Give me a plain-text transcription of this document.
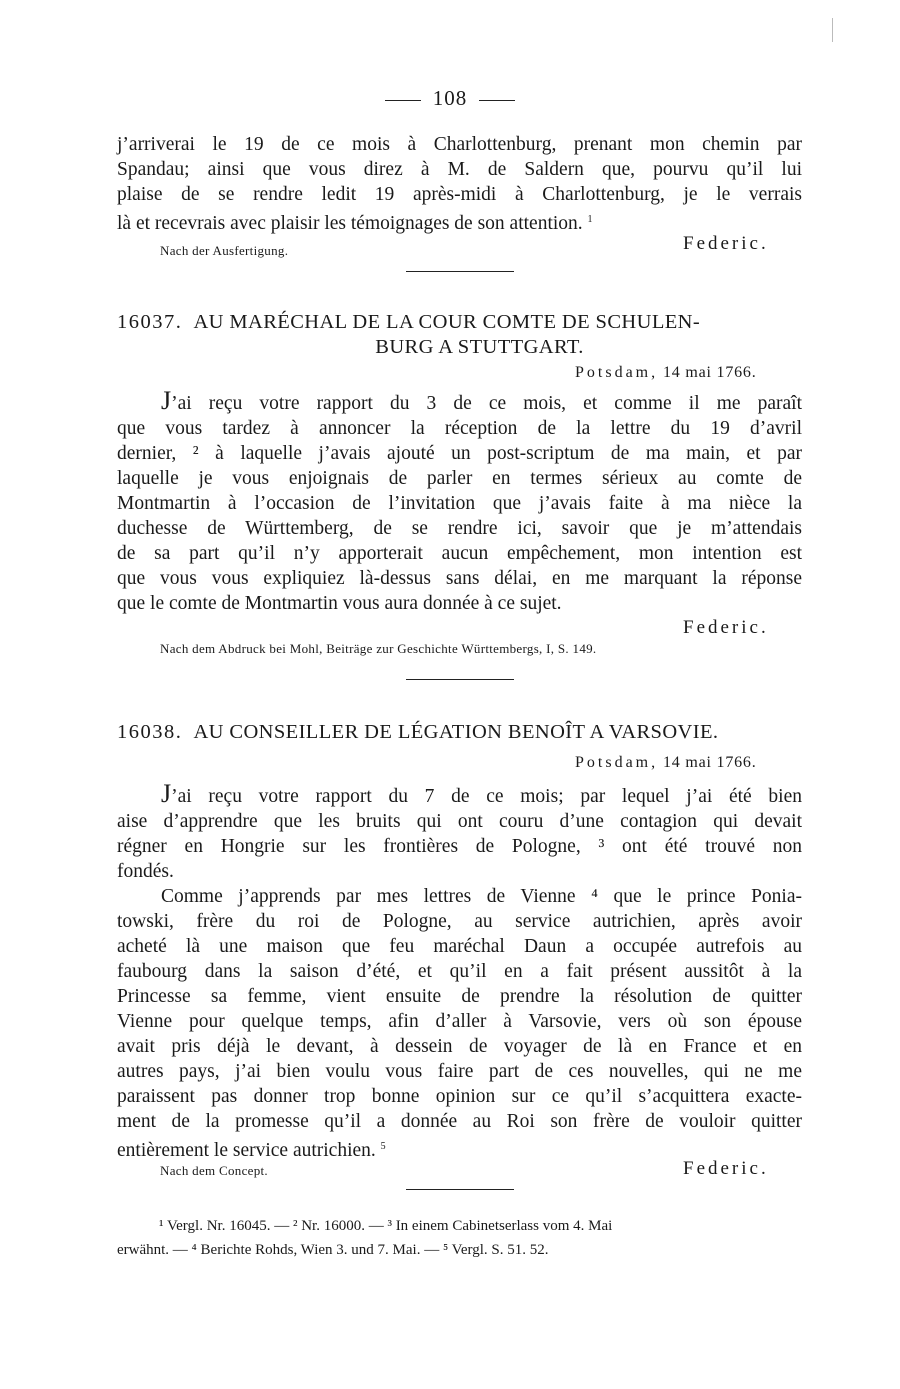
108

j’arriverai le 19 de ce mois à Charlottenburg, prenant mon chemin par
Spandau; ainsi que vous direz à M. de Saldern que, pourvu qu’il lui
plaise de se rendre ledit 19 après-midi à Charlottenburg, je le verrais
là et recevrais avec plaisir les témoignages de son attention. $^1$

Nach der Ausfertigung.	Federic.
16037. AU MARÉCHAL DE LA COUR COMTE DE SCHULEN-
BURG A STUTTGART.
Potsdam, 14 mai 1766.

J’ai reçu votre rapport du 3 de ce mois, et comme il me paraît
que vous tardez à annoncer la réception de la lettre du 19 d’avril
dernier, ² à laquelle j’avais ajouté un post-scriptum de ma main, et par
laquelle je vous enjoignais de parler en termes sérieux au comte de
Montmartin à l’occasion de l’invitation que j’avais faite à ma nièce la
duchesse de Württemberg, de se rendre ici, savoir que je m’attendais
de sa part qu’il n’y apporterait aucun empêchement, mon intention est
que vous vous expliquiez là-dessus sans délai, en me marquant la réponse
que le comte de Montmartin vous aura donnée à ce sujet.

Federic.
Nach dem Abdruck bei Mohl, Beiträge zur Geschichte Württembergs, I, S. 149.
16038. AU CONSEILLER DE LÉGATION BENOÎT A VARSOVIE.
Potsdam, 14 mai 1766.

J’ai reçu votre rapport du 7 de ce mois; par lequel j’ai été bien
aise d’apprendre que les bruits qui ont couru d’une contagion qui devait
régner en Hongrie sur les frontières de Pologne, ³ ont été trouvé non
fondés.
Comme j’apprends par mes lettres de Vienne ⁴ que le prince Ponia-
towski, frère du roi de Pologne, au service autrichien, après avoir
acheté là une maison que feu maréchal Daun a occupée autrefois au
faubourg dans la saison d’été, et qu’il en a fait présent aussitôt à la
Princesse sa femme, vient ensuite de prendre la résolution de quitter
Vienne pour quelque temps, afin d’aller à Varsovie, vers où son épouse
avait pris déjà le devant, à dessein de voyager de là en France et en
autres pays, j’ai bien voulu vous faire part de ces nouvelles, qui ne me
paraissent pas donner trop bonne opinion sur ce qu’il s’acquittera exacte-
ment de la promesse qu’il a donnée au Roi son frère de vouloir quitter
entièrement le service autrichien. $^5$

Nach dem Concept.	Federic.
¹ Vergl. Nr. 16045. — ² Nr. 16000. — ³ In einem Cabinetserlass vom 4. Mai
erwähnt. — ⁴ Berichte Rohds, Wien 3. und 7. Mai. — ⁵ Vergl. S. 51. 52.
